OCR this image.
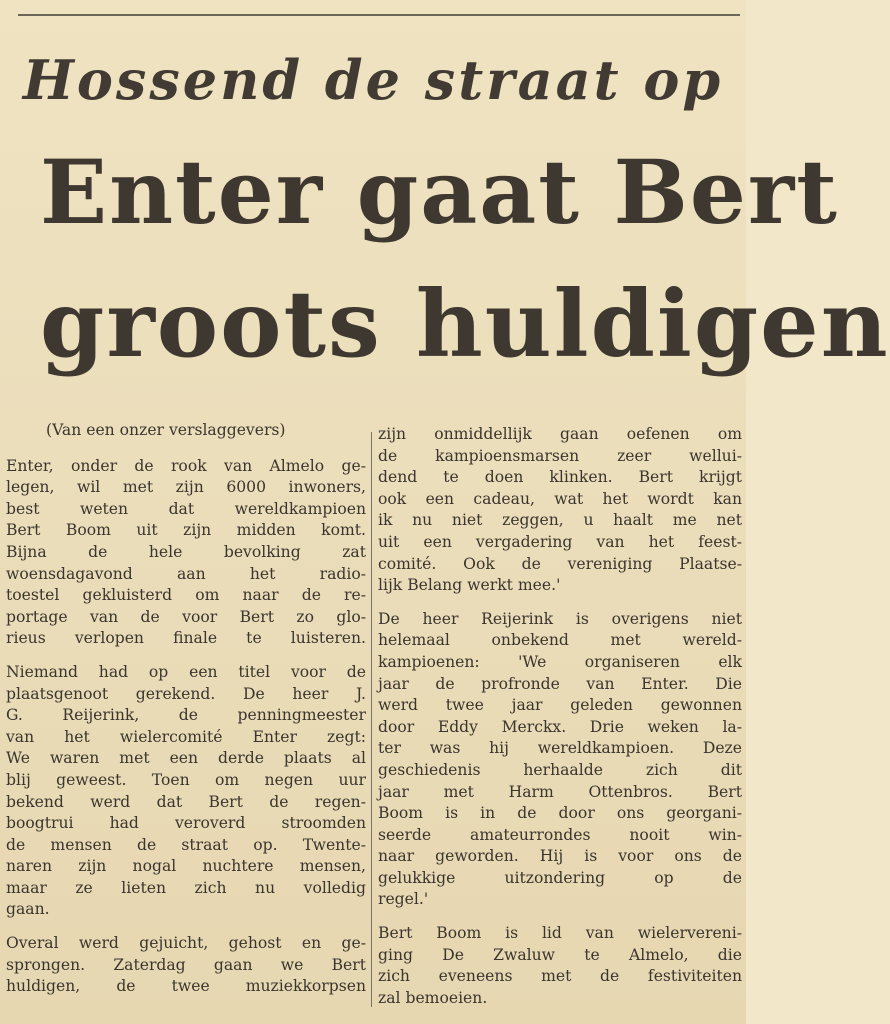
Hossend de straat op
Enter gaat Bert
groots huldigen
(Van een onzer verslaggevers)

Enter, onder de rook van Almelo ge-
legen, wil met zijn 6000 inwoners,
best weten dat wereldkampioen
Bert Boom uit zijn midden komt.
Bijna de hele bevolking zat
woensdagavond aan het radio-
toestel gekluisterd om naar de re-
portage van de voor Bert zo glo-
rieus verlopen finale te luisteren.

Niemand had op een titel voor de
plaatsgenoot gerekend. De heer J.
G. Reijerink, de penningmeester
van het wielercomité Enter zegt:
We waren met een derde plaats al
blij geweest. Toen om negen uur
bekend werd dat Bert de regen-
boogtrui had veroverd stroomden
de mensen de straat op. Twente-
naren zijn nogal nuchtere mensen,
maar ze lieten zich nu volledig
gaan.

Overal werd gejuicht, gehost en ge-
sprongen. Zaterdag gaan we Bert
huldigen, de twee muziekkorpsen

zijn onmiddellijk gaan oefenen om
de kampioensmarsen zeer wellui-
dend te doen klinken. Bert krijgt
ook een cadeau, wat het wordt kan
ik nu niet zeggen, u haalt me net
uit een vergadering van het feest-
comité. Ook de vereniging Plaatse-
lijk Belang werkt mee.'

De heer Reijerink is overigens niet
helemaal onbekend met wereld-
kampioenen: 'We organiseren elk
jaar de profronde van Enter. Die
werd twee jaar geleden gewonnen
door Eddy Merckx. Drie weken la-
ter was hij wereldkampioen. Deze
geschiedenis herhaalde zich dit
jaar met Harm Ottenbros. Bert
Boom is in de door ons georgani-
seerde amateurrondes nooit win-
naar geworden. Hij is voor ons de
gelukkige uitzondering op de
regel.'

Bert Boom is lid van wielervereni-
ging De Zwaluw te Almelo, die
zich eveneens met de festiviteiten
zal bemoeien.
